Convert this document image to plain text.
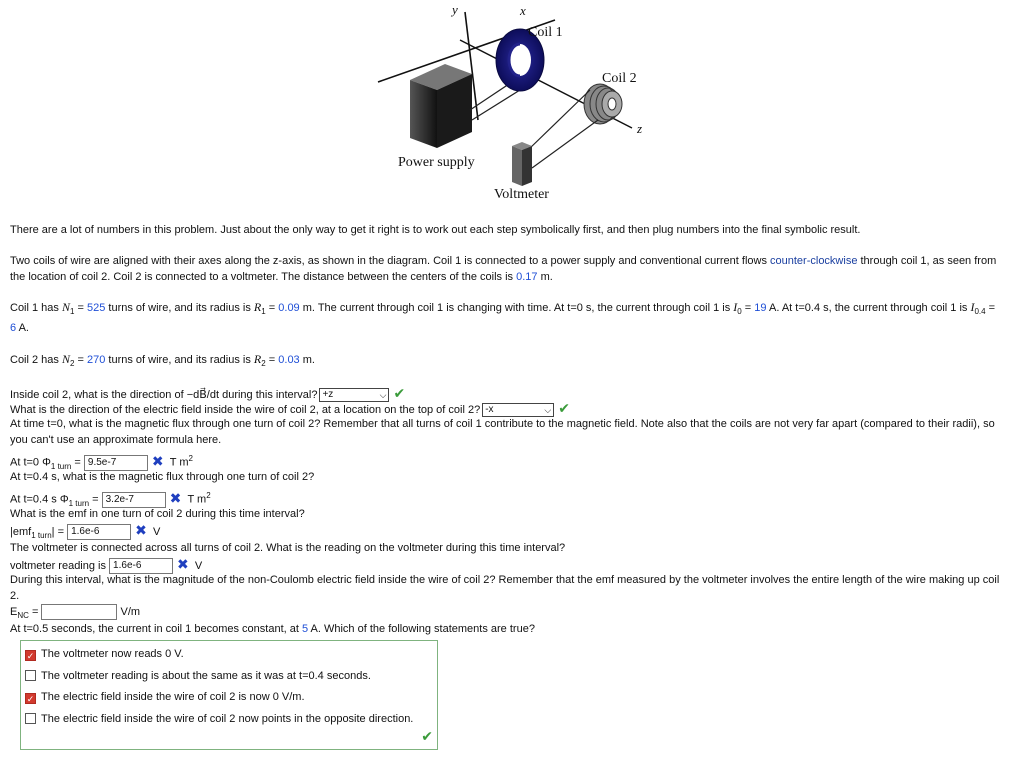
y	x
z
Coil 1
Coil 2
Power supply
Voltmeter
There are a lot of numbers in this problem. Just about the only way to get it right is to work out each step symbolically first, and then plug numbers into the final symbolic result.
Two coils of wire are aligned with their axes along the z-axis, as shown in the diagram. Coil 1 is connected to a power supply and conventional current flows counter-clockwise through coil 1, as seen from the location of coil 2. Coil 2 is connected to a voltmeter. The distance between the centers of the coils is 0.17 m.
Coil 1 has $N_1 = 525$ turns of wire, and its radius is $R_1 = 0.09$ m. The current through coil 1 is changing with time. At t=0 s, the current through coil 1 is $I_0 = 19$ A. At t=0.4 s, the current through coil 1 is $I_{0.4} = 6$ A.
Coil 2 has $N_2 = 270$ turns of wire, and its radius is $R_2 = 0.03$ m.
Inside coil 2, what is the direction of −dB⃗/dt during this interval? +z	⌵ ✔
What is the direction of the electric field inside the wire of coil 2, at a location on the top of coil 2? -x	⌵ ✔
At time t=0, what is the magnetic flux through one turn of coil 2? Remember that all turns of coil 1 contribute to the magnetic field. Note also that the coils are not very far apart (compared to their radii), so you can't use an approximate formula here.
At t=0 $\Phi_{1 turn} = 9.5e-7$	✖ T $m^2$
At t=0.4 s, what is the magnetic flux through one turn of coil 2?
At t=0.4 s $\Phi_{1 turn} = 3.2e-7$	✖ T $m^2$
What is the emf in one turn of coil 2 during this time interval?
|emf$_{1 turn}$| = 1.6e-6	✖ V
The voltmeter is connected across all turns of coil 2. What is the reading on the voltmeter during this time interval?
voltmeter reading is 1.6e-6	✖ V
During this interval, what is the magnitude of the non-Coulomb electric field inside the wire of coil 2? Remember that the emf measured by the voltmeter involves the entire length of the wire making up coil 2.
$E_{NC}$ =	V/m
At t=0.5 seconds, the current in coil 1 becomes constant, at 5 A. Which of the following statements are true?
✓ The voltmeter now reads 0 V.
The voltmeter reading is about the same as it was at t=0.4 seconds.
✓ The electric field inside the wire of coil 2 is now 0 V/m.
The electric field inside the wire of coil 2 now points in the opposite direction.
✔
